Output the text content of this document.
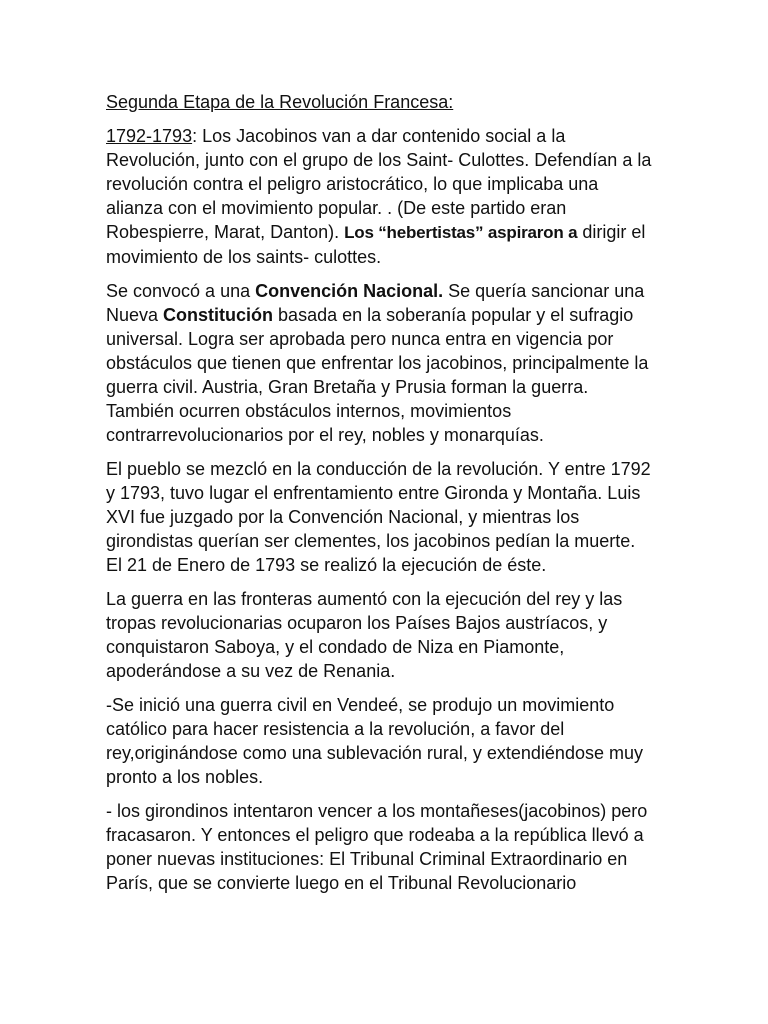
Segunda Etapa de la Revolución Francesa:

1792-1793: Los Jacobinos van a dar contenido social a la Revolución, junto con el grupo de los Saint- Culottes. Defendían a la revolución contra el peligro aristocrático, lo que implicaba una alianza con el movimiento popular. . (De este partido eran Robespierre, Marat, Danton). Los “hebertistas” aspiraron a dirigir el movimiento de los saints- culottes.

Se convocó a una Convención Nacional. Se quería sancionar una Nueva Constitución basada en la soberanía popular y el sufragio universal. Logra ser aprobada pero nunca entra en vigencia por obstáculos que tienen que enfrentar los jacobinos, principalmente la guerra civil. Austria, Gran Bretaña y Prusia forman la guerra. También ocurren obstáculos internos, movimientos contrarrevolucionarios por el rey, nobles y monarquías.

El pueblo se mezcló en la conducción de la revolución. Y entre 1792 y 1793, tuvo lugar el enfrentamiento entre Gironda y Montaña. Luis XVI fue juzgado por la Convención Nacional, y mientras los girondistas querían ser clementes, los jacobinos pedían la muerte. El 21 de Enero de 1793 se realizó la ejecución de éste.

La guerra en las fronteras aumentó con la ejecución del rey y las tropas revolucionarias ocuparon los Países Bajos austríacos, y conquistaron Saboya, y el condado de Niza en Piamonte, apoderándose a su vez de Renania.

-Se inició una guerra civil en Vendeé, se produjo un movimiento católico para hacer resistencia a la revolución, a favor del rey,originándose como una sublevación rural, y extendiéndose muy pronto a los nobles.

- los girondinos intentaron vencer a los montañeses(jacobinos) pero fracasaron. Y entonces el peligro que rodeaba a la república llevó a poner nuevas instituciones: El Tribunal Criminal Extraordinario en París, que se convierte luego en el Tribunal Revolucionario
